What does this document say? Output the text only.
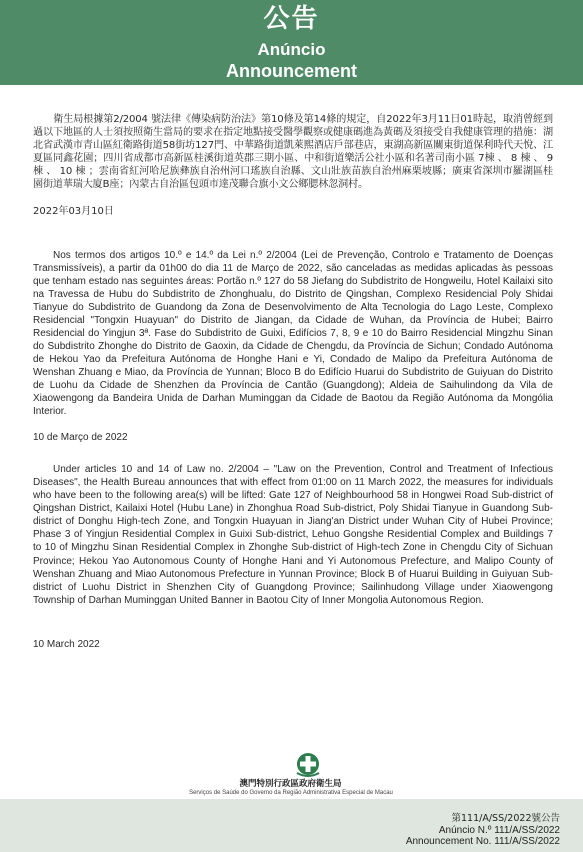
公告
Anúncio
Announcement

衛生局根據第2/2004 號法律《傳染病防治法》第10條及第14條的規定，自2022年3月11日01時起，取消曾經到過以下地區的人士須按照衛生當局的要求在指定地點接受醫學觀察或健康碼進為黃碼及須接受自我健康管理的措施：湖北省武漢市青山區紅衛路街道58街坊127門、中華路街道凱萊熙酒店戶部巷店，東湖高新區關東街道保利時代天悅、江夏區同鑫花園；四川省成都市高新區桂溪街道英郡三期小區、中和街道樂活公社小區和名著司南小區 7棟 、 8 棟 、 9 棟 、 10 棟 ；雲南省紅河哈尼族彝族自治州河口瑤族自治縣、文山壯族苗族自治州麻栗坡縣；廣東省深圳市羅湖區桂園街道華瑞大廈B座；內蒙古自治區包頭市達茂聯合旗小文公鄉腮林忽洞村。

2022年03月10日

Nos termos dos artigos 10.º e 14.º da Lei n.º 2/2004 (Lei de Prevenção, Controlo e Tratamento de Doenças Transmissíveis), a partir da 01h00 do dia 11 de Março de 2022, são canceladas as medidas aplicadas às pessoas que tenham estado nas seguintes áreas: Portão n.º 127 do 58 Jiefang do Subdistrito de Hongweilu, Hotel Kailaixi sito na Travessa de Hubu do Subdistrito de Zhonghualu, do Distrito de Qingshan, Complexo Residencial Poly Shidai Tianyue do Subdistrito de Guandong da Zona de Desenvolvimento de Alta Tecnologia do Lago Leste, Complexo Residencial "Tongxin Huayuan" do Distrito de Jiangan, da Cidade de Wuhan, da Província de Hubei; Bairro Residencial do Yingjun 3ª. Fase do Subdistrito de Guixi, Edifícios 7, 8, 9 e 10 do Bairro Residencial Mingzhu Sinan do Subdistrito Zhonghe do Distrito de Gaoxin, da Cidade de Chengdu, da Província de Sichun; Condado Autónoma de Hekou Yao da Prefeitura Autónoma de Honghe Hani e Yi, Condado de Malipo da Prefeitura Autónoma de Wenshan Zhuang e Miao, da Província de Yunnan; Bloco B do Edifício Huarui do Subdistrito de Guiyuan do Distrito de Luohu da Cidade de Shenzhen da Província de Cantão (Guangdong); Aldeia de Saihulindong da Vila de Xiaowengong da Bandeira Unida de Darhan Muminggan da Cidade de Baotou da Região Autónoma da Mongólia Interior.

10 de Março de 2022

Under articles 10 and 14 of Law no. 2/2004 – "Law on the Prevention, Control and Treatment of Infectious Diseases", the Health Bureau announces that with effect from 01:00 on 11 March 2022, the measures for individuals who have been to the following area(s) will be lifted: Gate 127 of Neighbourhood 58 in Hongwei Road Sub-district of Qingshan District, Kailaixi Hotel (Hubu Lane) in Zhonghua Road Sub-district, Poly Shidai Tianyue in Guandong Sub-district of Donghu High-tech Zone, and Tongxin Huayuan in Jiang'an District under Wuhan City of Hubei Province; Phase 3 of Yingjun Residential Complex in Guixi Sub-district, Lehuo Gongshe Residential Complex and Buildings 7 to 10 of Mingzhu Sinan Residential Complex in Zhonghe Sub-district of High-tech Zone in Chengdu City of Sichuan Province; Hekou Yao Autonomous County of Honghe Hani and Yi Autonomous Prefecture, and Malipo County of Wenshan Zhuang and Miao Autonomous Prefecture in Yunnan Province; Block B of Huarui Building in Guiyuan Sub-district of Luohu District in Shenzhen City of Guangdong Province; Sailinhudong Village under Xiaowengong Township of Darhan Muminggan United Banner in Baotou City of Inner Mongolia Autonomous Region.

10 March 2022

澳門特別行政區政府衛生局
Serviços de Saúde do Governo da Região Administrativa Especial de Macau
第111/A/SS/2022號公告
Anúncio N.º 111/A/SS/2022
Announcement No. 111/A/SS/2022
